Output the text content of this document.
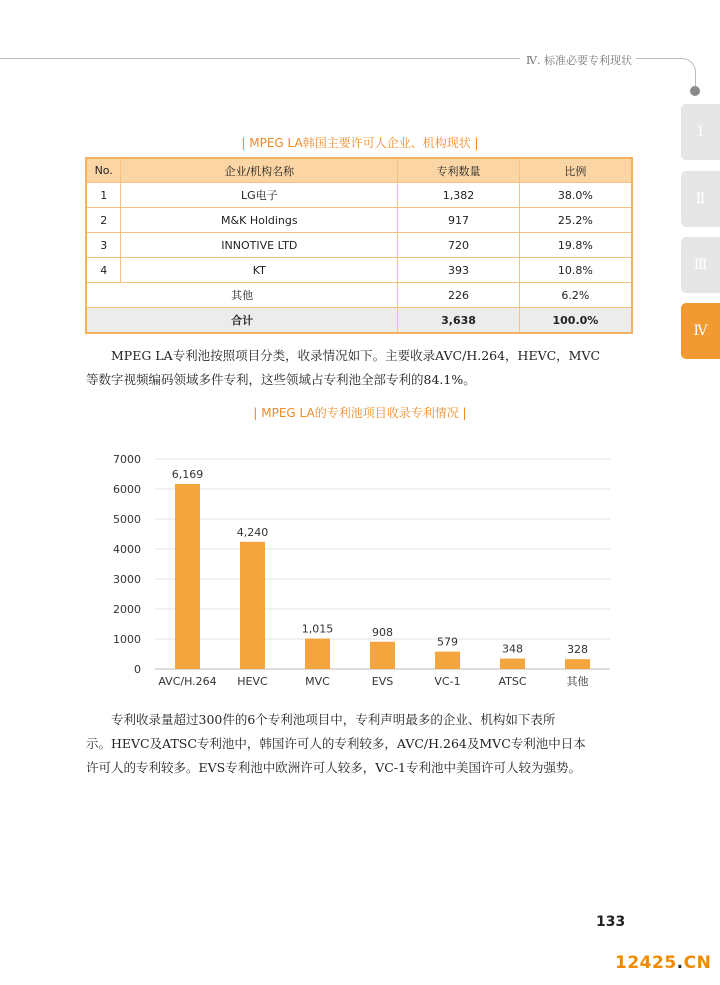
Ⅳ. 标准必要专利现状
Ⅰ
Ⅱ
Ⅲ
Ⅳ
| MPEG LA韩国主要许可人企业、机构现状 |
No.	企业/机构名称	专利数量	比例
1	LG电子	1,382	38.0%
2	M&K Holdings	917	25.2%
3	INNOTIVE LTD	720	19.8%
4	KT	393	10.8%
其他		226	6.2%
合计		3,638	100.0%
MPEG LA专利池按照项目分类，收录情况如下。主要收录AVC/H.264，HEVC，MVC
等数字视频编码领域多件专利，这些领域占专利池全部专利的84.1%。
| MPEG LA的专利池项目收录专利情况 |
0
1000
2000
3000
4000
5000
6000
7000
6,169
4,240
1,015	908
579
348	328
AVC/H.264 HEVC	MVC	EVS	VC-1	ATSC	其他
专利收录量超过300件的6个专利池项目中，专利声明最多的企业、机构如下表所
示。HEVC及ATSC专利池中，韩国许可人的专利较多，AVC/H.264及MVC专利池中日本
许可人的专利较多。EVS专利池中欧洲许可人较多，VC-1专利池中美国许可人较为强势。
133
12425.CN
